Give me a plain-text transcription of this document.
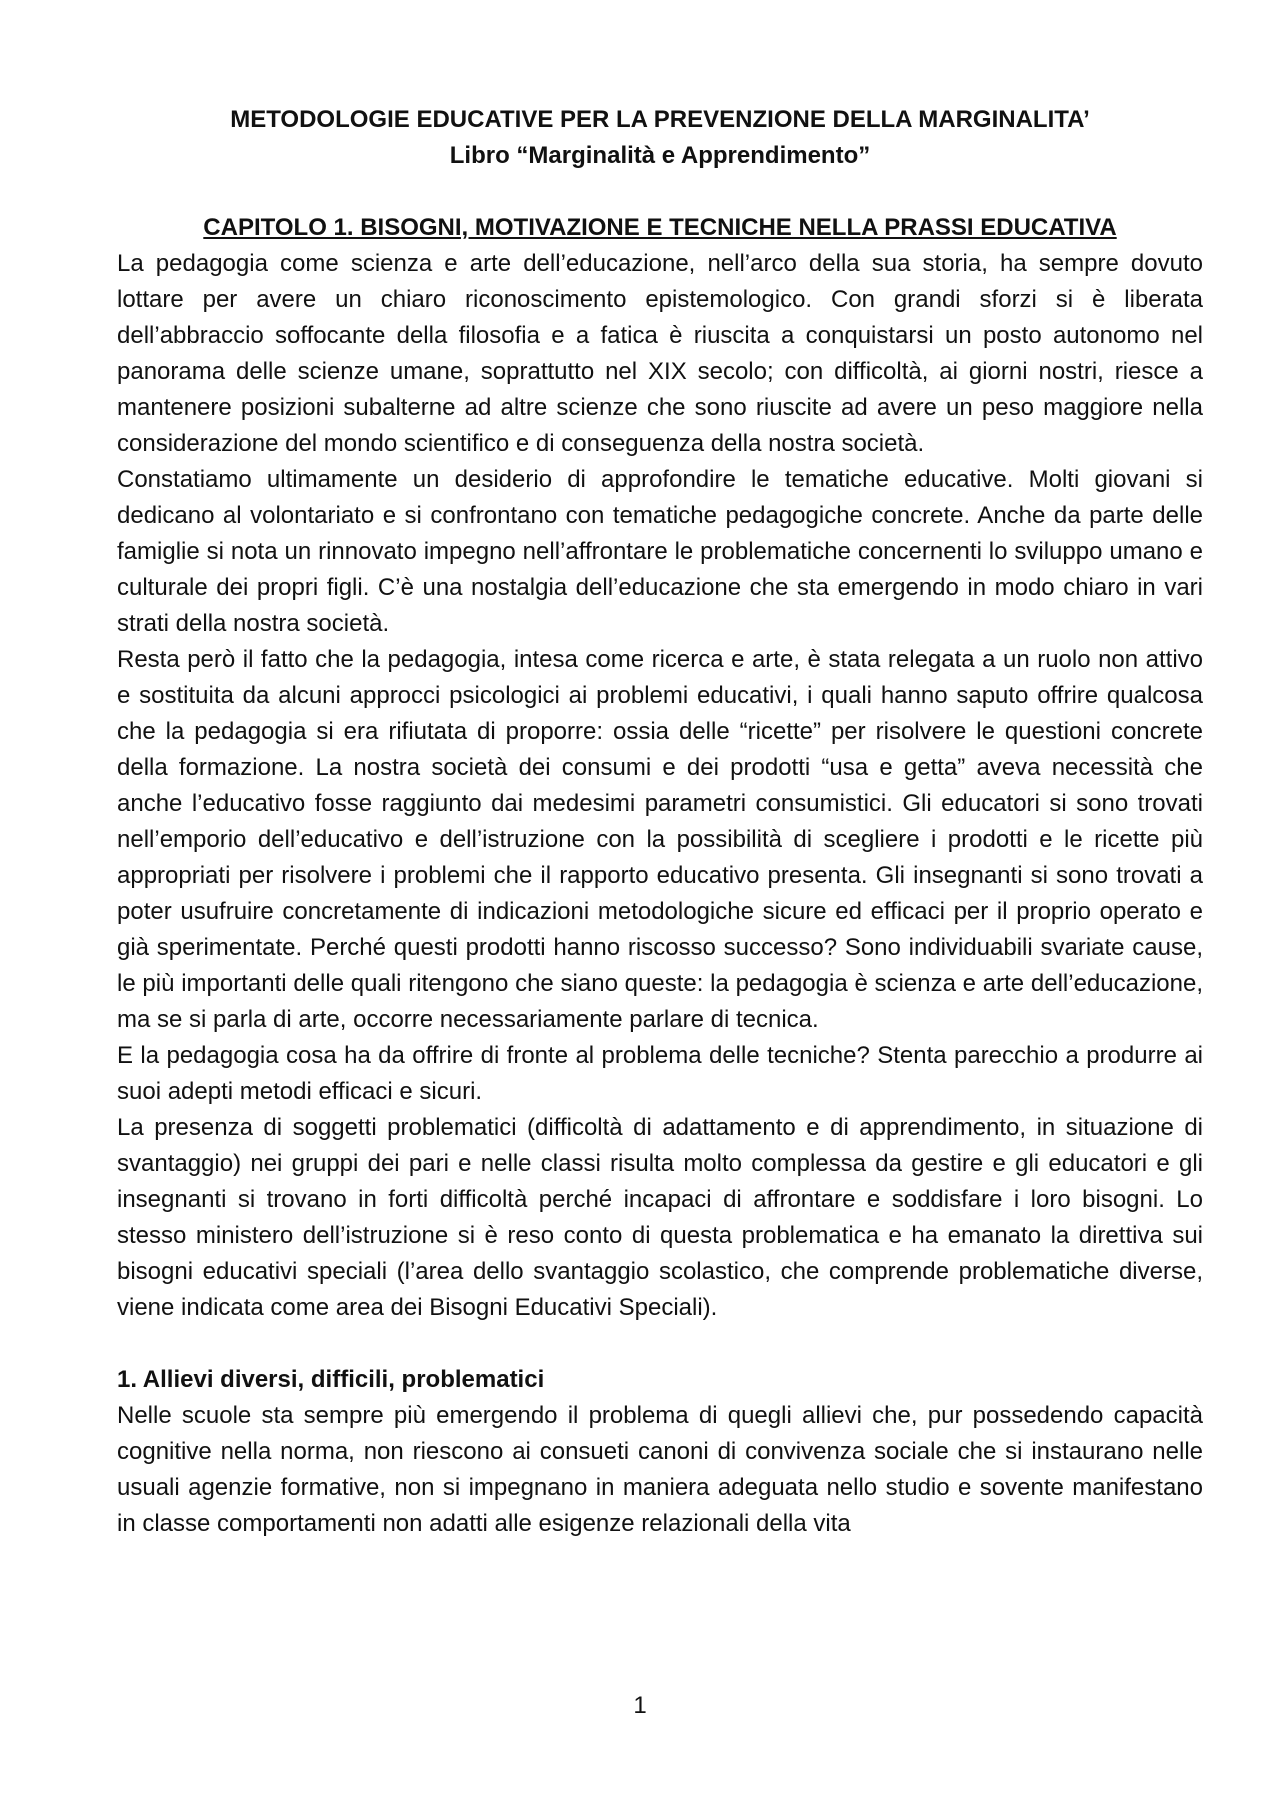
METODOLOGIE EDUCATIVE PER LA PREVENZIONE DELLA MARGINALITA’
Libro “Marginalità e Apprendimento”
CAPITOLO 1. BISOGNI, MOTIVAZIONE E TECNICHE NELLA PRASSI EDUCATIVA

La pedagogia come scienza e arte dell’educazione, nell’arco della sua storia, ha sempre dovuto lottare per avere un chiaro riconoscimento epistemologico. Con grandi sforzi si è liberata dell’abbraccio soffocante della filosofia e a fatica è riuscita a conquistarsi un posto autonomo nel panorama delle scienze umane, soprattutto nel XIX secolo; con difficoltà, ai giorni nostri, riesce a mantenere posizioni subalterne ad altre scienze che sono riuscite ad avere un peso maggiore nella considerazione del mondo scientifico e di conseguenza della nostra società.

Constatiamo ultimamente un desiderio di approfondire le tematiche educative. Molti giovani si dedicano al volontariato e si confrontano con tematiche pedagogiche concrete. Anche da parte delle famiglie si nota un rinnovato impegno nell’affrontare le problematiche concernenti lo sviluppo umano e culturale dei propri figli. C’è una nostalgia dell’educazione che sta emergendo in modo chiaro in vari strati della nostra società.

Resta però il fatto che la pedagogia, intesa come ricerca e arte, è stata relegata a un ruolo non attivo e sostituita da alcuni approcci psicologici ai problemi educativi, i quali hanno saputo offrire qualcosa che la pedagogia si era rifiutata di proporre: ossia delle “ricette” per risolvere le questioni concrete della formazione. La nostra società dei consumi e dei prodotti “usa e getta” aveva necessità che anche l’educativo fosse raggiunto dai medesimi parametri consumistici. Gli educatori si sono trovati nell’emporio dell’educativo e dell’istruzione con la possibilità di scegliere i prodotti e le ricette più appropriati per risolvere i problemi che il rapporto educativo presenta. Gli insegnanti si sono trovati a poter usufruire concretamente di indicazioni metodologiche sicure ed efficaci per il proprio operato e già sperimentate. Perché questi prodotti hanno riscosso successo? Sono individuabili svariate cause, le più importanti delle quali ritengono che siano queste: la pedagogia è scienza e arte dell’educazione, ma se si parla di arte, occorre necessariamente parlare di tecnica.

E la pedagogia cosa ha da offrire di fronte al problema delle tecniche? Stenta parecchio a produrre ai suoi adepti metodi efficaci e sicuri.

La presenza di soggetti problematici (difficoltà di adattamento e di apprendimento, in situazione di svantaggio) nei gruppi dei pari e nelle classi risulta molto complessa da gestire e gli educatori e gli insegnanti si trovano in forti difficoltà perché incapaci di affrontare e soddisfare i loro bisogni. Lo stesso ministero dell’istruzione si è reso conto di questa problematica e ha emanato la direttiva sui bisogni educativi speciali (l’area dello svantaggio scolastico, che comprende problematiche diverse, viene indicata come area dei Bisogni Educativi Speciali).

1. Allievi diversi, difficili, problematici

Nelle scuole sta sempre più emergendo il problema di quegli allievi che, pur possedendo capacità cognitive nella norma, non riescono ai consueti canoni di convivenza sociale che si instaurano nelle usuali agenzie formative, non si impegnano in maniera adeguata nello studio e sovente manifestano in classe comportamenti non adatti alle esigenze relazionali della vita

1
